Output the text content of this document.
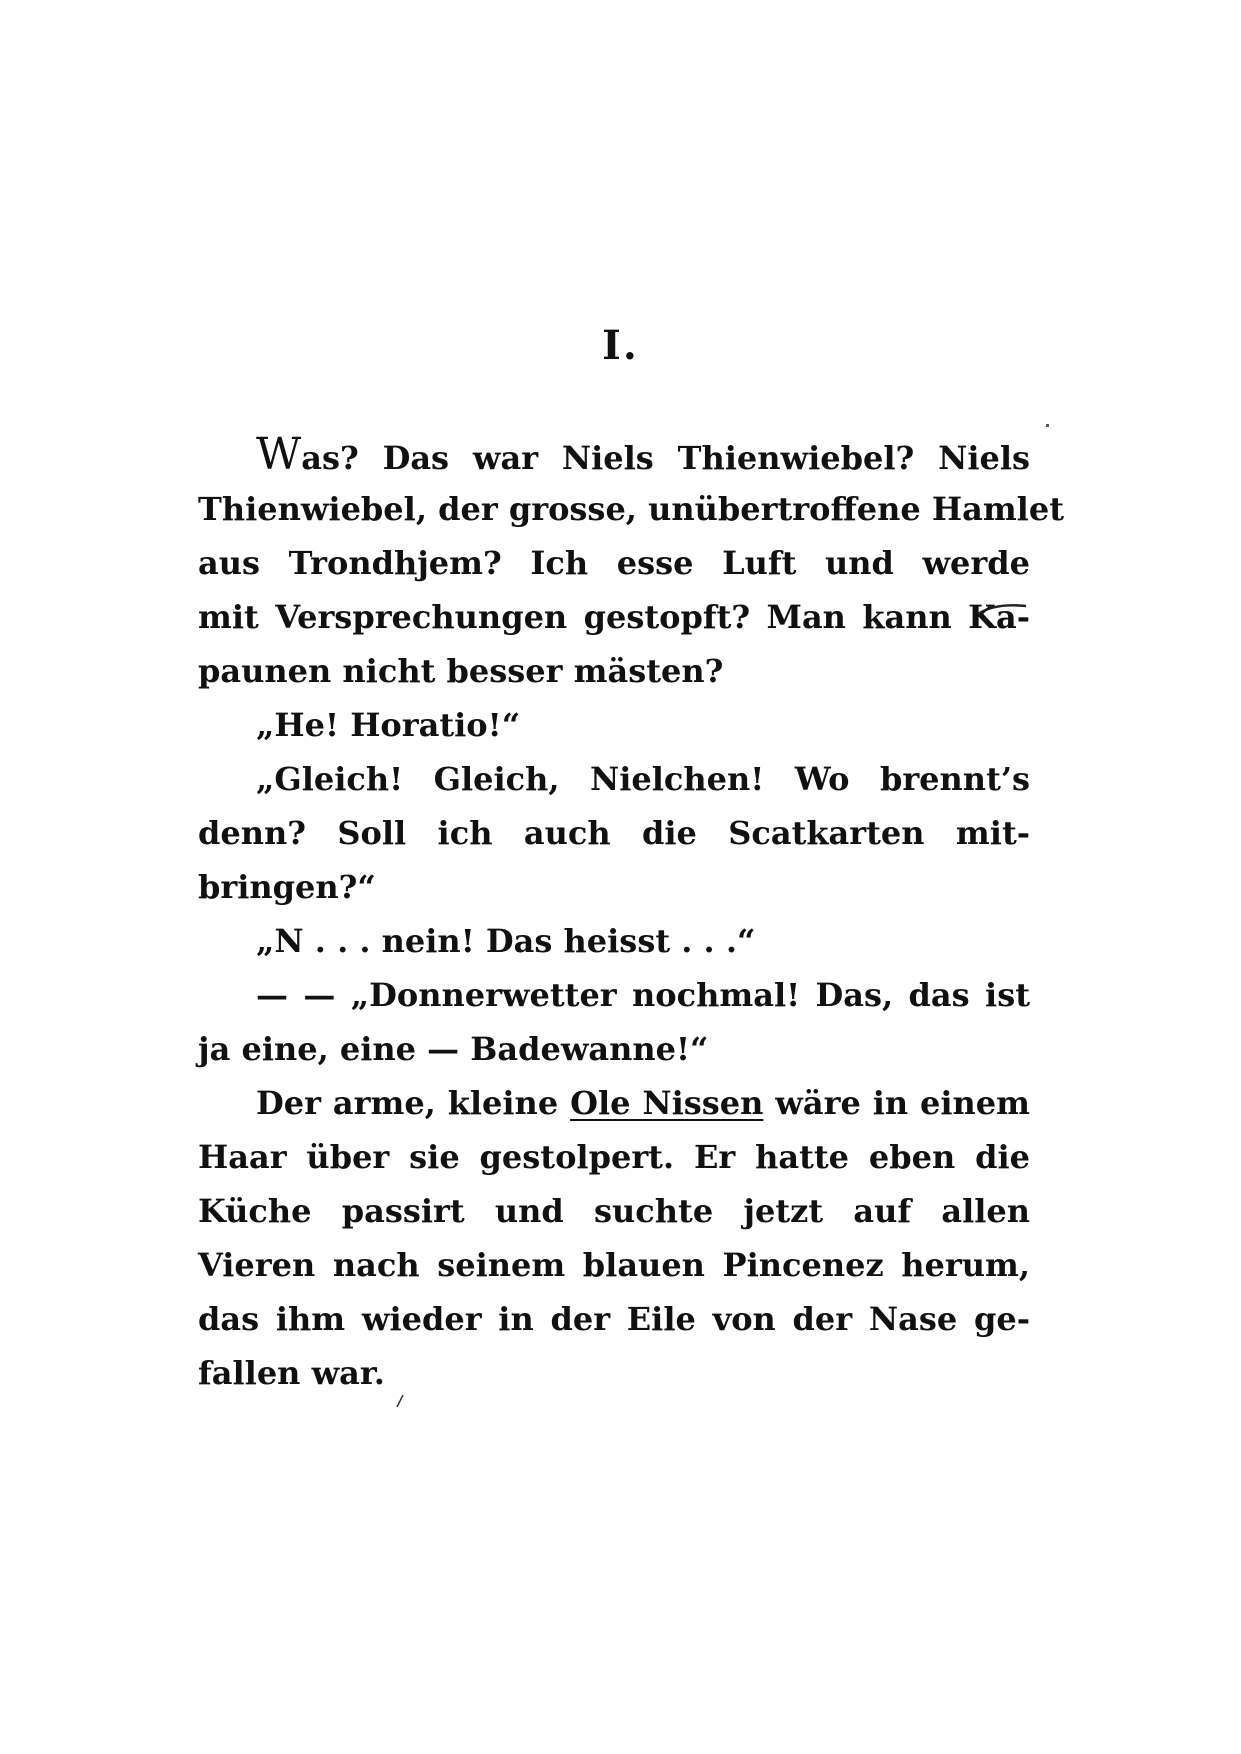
I.
Was? Das war Niels Thienwiebel? Niels
Thienwiebel, der grosse, unübertroffene Hamlet
aus Trondhjem? Ich esse Luft und werde
mit Versprechungen gestopft? Man kann Ka-
paunen nicht besser mästen?
„He! Horatio!“
„Gleich! Gleich, Nielchen! Wo brennt’s
denn? Soll ich auch die Scatkarten mit-
bringen?“
„N . . . nein! Das heisst . . .“
— — „Donnerwetter nochmal! Das, das ist
ja eine, eine — Badewanne!“
Der arme, kleine Ole Nissen wäre in einem
Haar über sie gestolpert. Er hatte eben die
Küche passirt und suchte jetzt auf allen
Vieren nach seinem blauen Pincenez herum,
das ihm wieder in der Eile von der Nase ge-
fallen war.
